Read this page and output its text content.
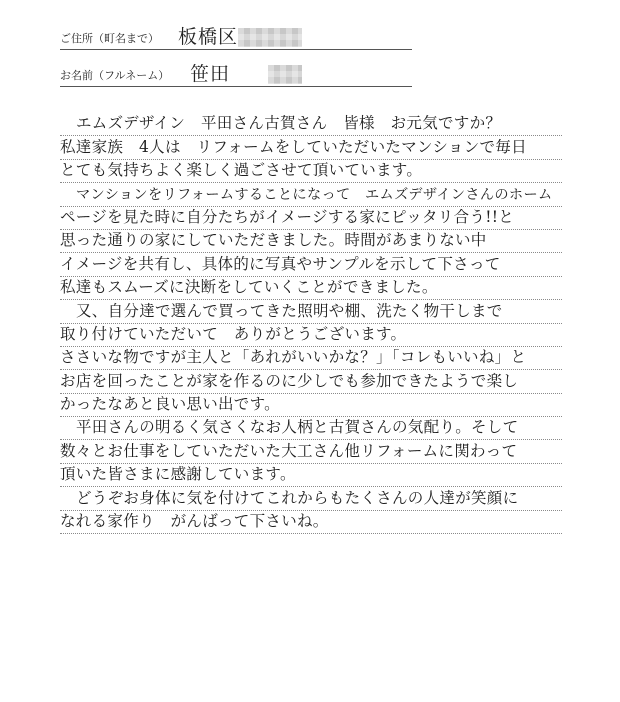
ご住所（町名まで） 板橋区
お名前（フルネーム） 笹田
エムズデザイン　平田さん古賀さん　皆様　お元気ですか？
私達家族　4人は　リフォームをしていただいたマンションで毎日
とても気持ちよく楽しく過ごさせて頂いています。
マンションをリフォームすることになって　エムズデザインさんのホーム
ページを見た時に自分たちがイメージする家にピッタリ合う!!と
思った通りの家にしていただきました。時間があまりない中
イメージを共有し、具体的に写真やサンプルを示して下さって
私達もスムーズに決断をしていくことができました。
又、自分達で選んで買ってきた照明や棚、洗たく物干しまで
取り付けていただいて　ありがとうございます。
ささいな物ですが主人と「あれがいいかな？」「コレもいいね」と
お店を回ったことが家を作るのに少しでも参加できたようで楽し
かったなあと良い思い出です。
平田さんの明るく気さくなお人柄と古賀さんの気配り。そして
数々とお仕事をしていただいた大工さん他リフォームに関わって
頂いた皆さまに感謝しています。
どうぞお身体に気を付けてこれからもたくさんの人達が笑顔に
なれる家作り　がんばって下さいね。
